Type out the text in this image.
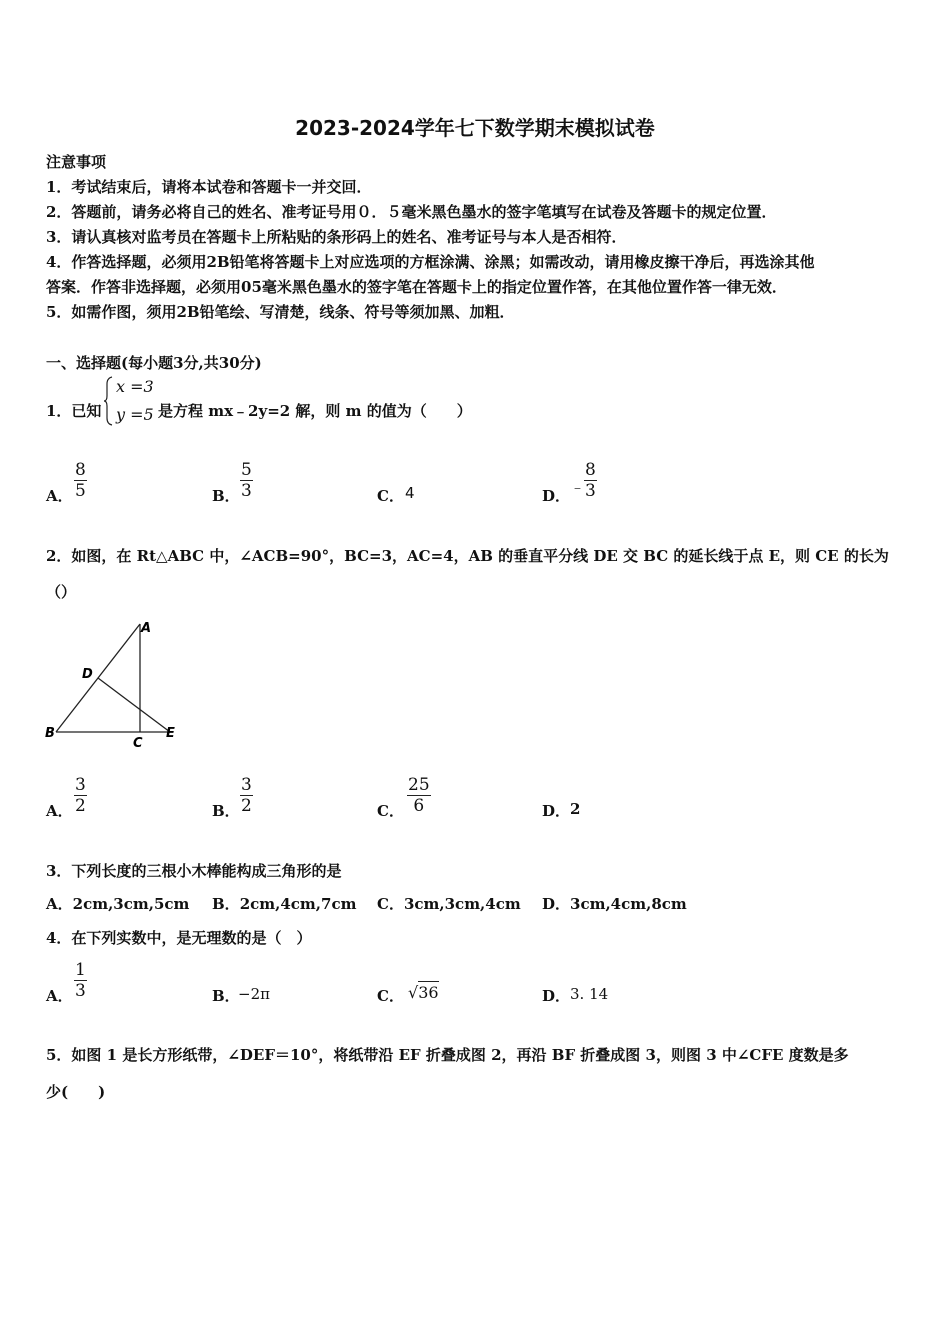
2023-2024学年七下数学期末模拟试卷
注意事项
1．考试结束后，请将本试卷和答题卡一并交回．
2．答题前，请务必将自己的姓名、准考证号用０．５毫米黑色墨水的签字笔填写在试卷及答题卡的规定位置．
3．请认真核对监考员在答题卡上所粘贴的条形码上的姓名、准考证号与本人是否相符．
4．作答选择题，必须用2B铅笔将答题卡上对应选项的方框涂满、涂黑；如需改动，请用橡皮擦干净后，再选涂其他
答案．作答非选择题，必须用05毫米黑色墨水的签字笔在答题卡上的指定位置作答，在其他位置作答一律无效．
5．如需作图，须用2B铅笔绘、写清楚，线条、符号等须加黑、加粗．
一、选择题(每小题3分,共30分)
1．已知
x =3
y =5 是方程 mx﹣2y=2 解，则 m 的值为（　　）
A．
8
5	B．
5
3	C． 4	D． ﹣
8
3
2．如图，在 Rt△ABC 中，∠ACB=90°，BC=3，AC=4，AB 的垂直平分线 DE 交 BC 的延长线于点 E，则 CE 的长为
（）
A
D
B
C
E
A．
3
2	B．
3
2	C．
25
6	D． 2
3．下列长度的三根小木棒能构成三角形的是
A．2cm,3cm,5cm B．2cm,4cm,7cm C．3cm,3cm,4cm D．3cm,4cm,8cm
4．在下列实数中，是无理数的是（　）
A．
1
3	B．
−2π	C． √36	D． 3. 14
5．如图 1 是长方形纸带，∠DEF＝10°，将纸带沿 EF 折叠成图 2，再沿 BF 折叠成图 3，则图 3 中∠CFE 度数是多
少(　　)
